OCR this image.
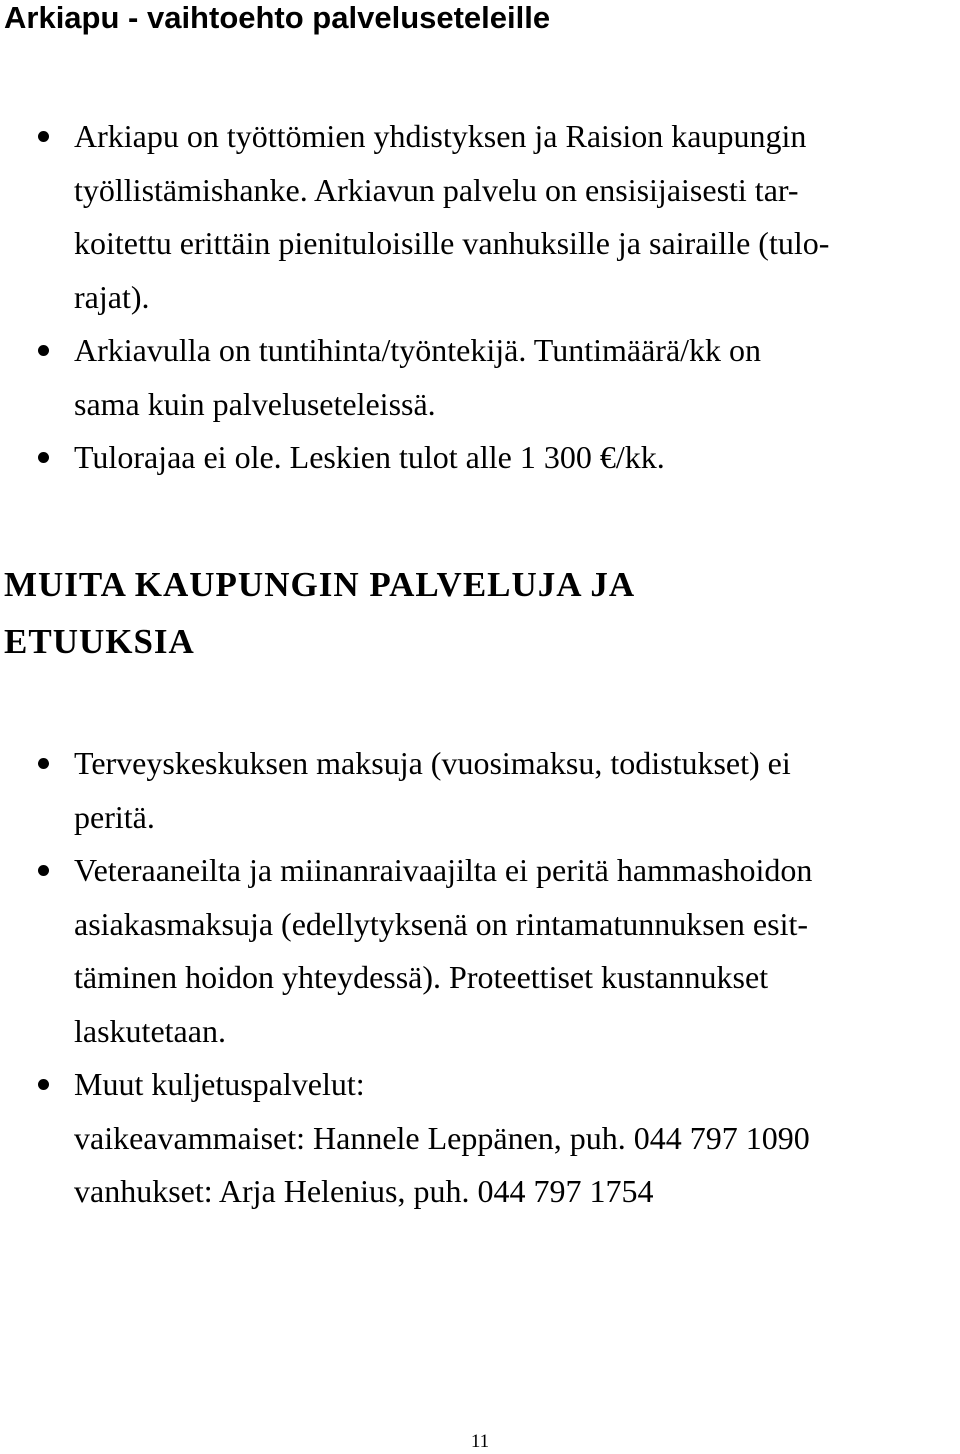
Arkiapu - vaihtoehto palveluseteleille
Arkiapu on työttömien yhdistyksen ja Raision kaupungin
työllistämishanke. Arkiavun palvelu on ensisijaisesti tar-
koitettu erittäin pienituloisille vanhuksille ja sairaille (tulo-
rajat).
Arkiavulla on tuntihinta/työntekijä. Tuntimäärä/kk on
sama kuin palveluseteleissä.
Tulorajaa ei ole. Leskien tulot alle 1 300 €/kk.
MUITA KAUPUNGIN PALVELUJA JA
ETUUKSIA
Terveyskeskuksen maksuja (vuosimaksu, todistukset) ei
peritä.
Veteraaneilta ja miinanraivaajilta ei peritä hammashoidon
asiakasmaksuja (edellytyksenä on rintamatunnuksen esit-
täminen hoidon yhteydessä). Proteettiset kustannukset
laskutetaan.
Muut kuljetuspalvelut:
vaikeavammaiset: Hannele Leppänen, puh. 044 797 1090
vanhukset: Arja Helenius, puh. 044 797 1754
11
